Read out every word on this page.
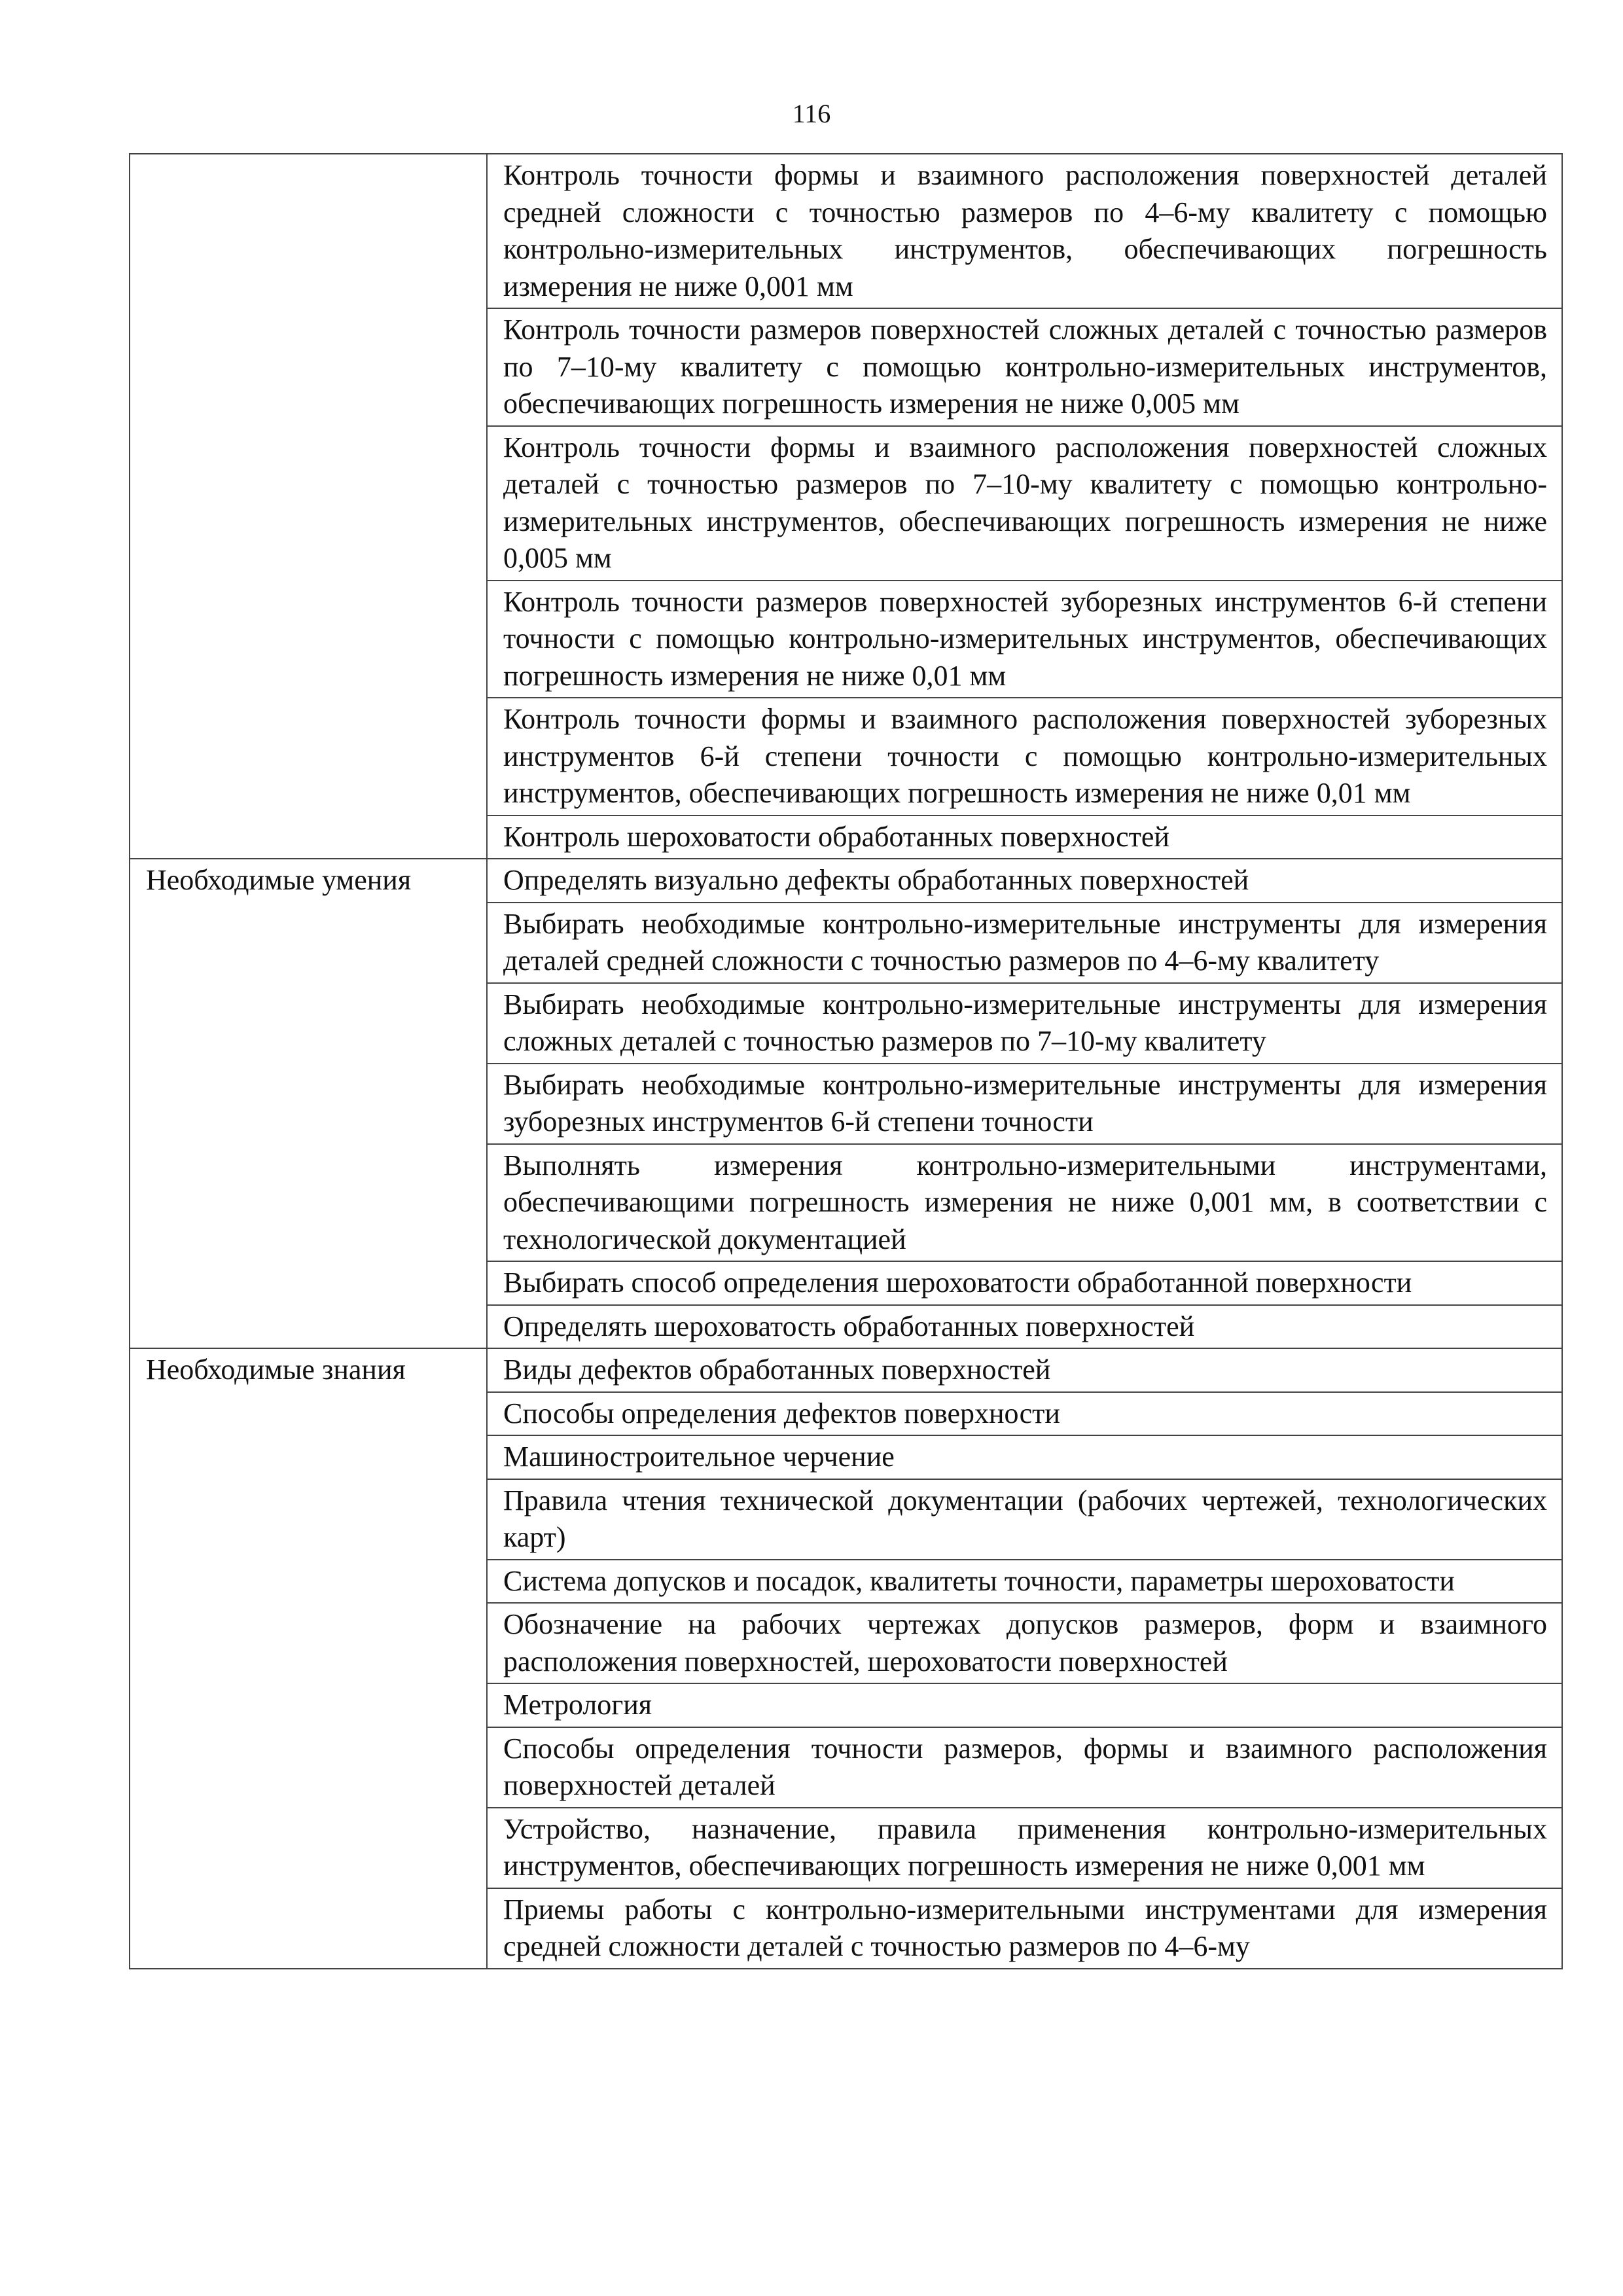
116
	Контроль точности формы и взаимного расположения поверхностей деталей средней сложности с точностью размеров по 4–6-му квалитету с помощью контрольно-измерительных инструментов, обеспечивающих погрешность измерения не ниже 0,001 мм
	Контроль точности размеров поверхностей сложных деталей с точностью размеров по 7–10-му квалитету с помощью контрольно-измерительных инструментов, обеспечивающих погрешность измерения не ниже 0,005 мм
	Контроль точности формы и взаимного расположения поверхностей сложных деталей с точностью размеров по 7–10-му квалитету с помощью контрольно-измерительных инструментов, обеспечивающих погрешность измерения не ниже 0,005 мм
	Контроль точности размеров поверхностей зуборезных инструментов 6-й степени точности с помощью контрольно-измерительных инструментов, обеспечивающих погрешность измерения не ниже 0,01 мм
	Контроль точности формы и взаимного расположения поверхностей зуборезных инструментов 6-й степени точности с помощью контрольно-измерительных инструментов, обеспечивающих погрешность измерения не ниже 0,01 мм
	Контроль шероховатости обработанных поверхностей
Необходимые умения	Определять визуально дефекты обработанных поверхностей
	Выбирать необходимые контрольно-измерительные инструменты для измерения деталей средней сложности с точностью размеров по 4–6-му квалитету
	Выбирать необходимые контрольно-измерительные инструменты для измерения сложных деталей с точностью размеров по 7–10-му квалитету
	Выбирать необходимые контрольно-измерительные инструменты для измерения зуборезных инструментов 6-й степени точности
	Выполнять измерения контрольно-измерительными инструментами, обеспечивающими погрешность измерения не ниже 0,001 мм, в соответствии с технологической документацией
	Выбирать способ определения шероховатости обработанной поверхности
	Определять шероховатость обработанных поверхностей
Необходимые знания	Виды дефектов обработанных поверхностей
	Способы определения дефектов поверхности
	Машиностроительное черчение
	Правила чтения технической документации (рабочих чертежей, технологических карт)
	Система допусков и посадок, квалитеты точности, параметры шероховатости
	Обозначение на рабочих чертежах допусков размеров, форм и взаимного расположения поверхностей, шероховатости поверхностей
	Метрология
	Способы определения точности размеров, формы и взаимного расположения поверхностей деталей
	Устройство, назначение, правила применения контрольно-измерительных инструментов, обеспечивающих погрешность измерения не ниже 0,001 мм
	Приемы работы с контрольно-измерительными инструментами для измерения средней сложности деталей с точностью размеров по 4–6-му
